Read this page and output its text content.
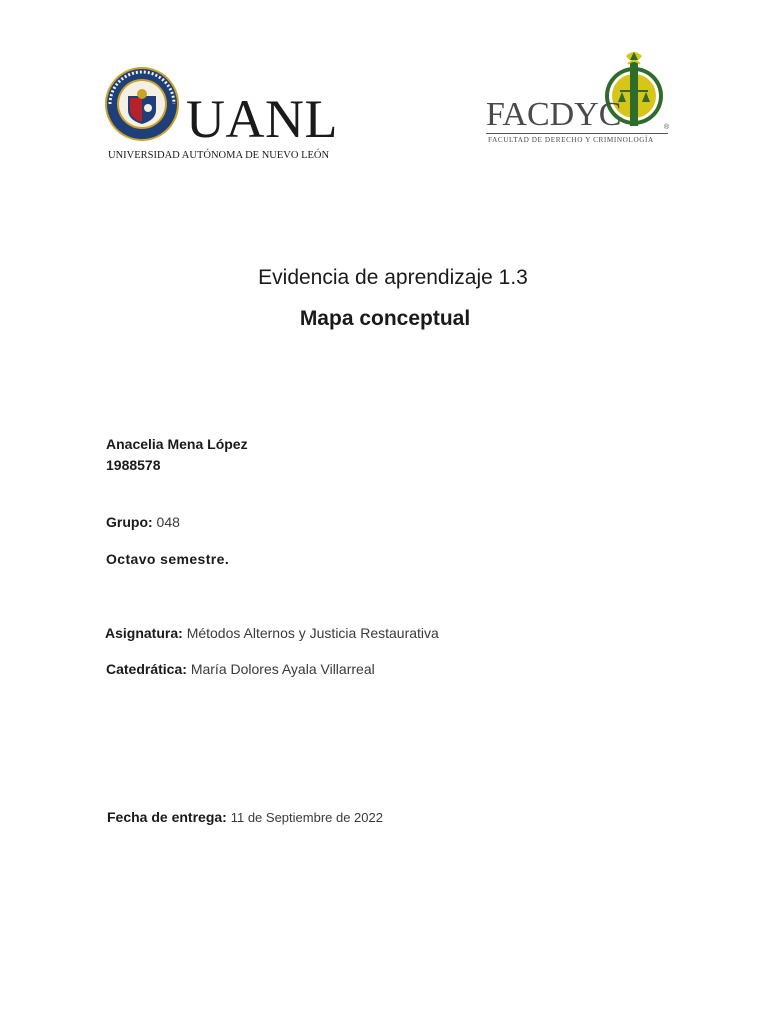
UANL
UNIVERSIDAD AUTÓNOMA DE NUEVO LEÓN
FACDYC	®
FACULTAD DE DERECHO Y CRIMINOLOGÍA
Evidencia de aprendizaje 1.3
Mapa conceptual
Anacelia Mena López
1988578
Grupo: 048
Octavo semestre.
Asignatura: Métodos Alternos y Justicia Restaurativa
Catedrática: María Dolores Ayala Villarreal
Fecha de entrega: 11 de Septiembre de 2022
